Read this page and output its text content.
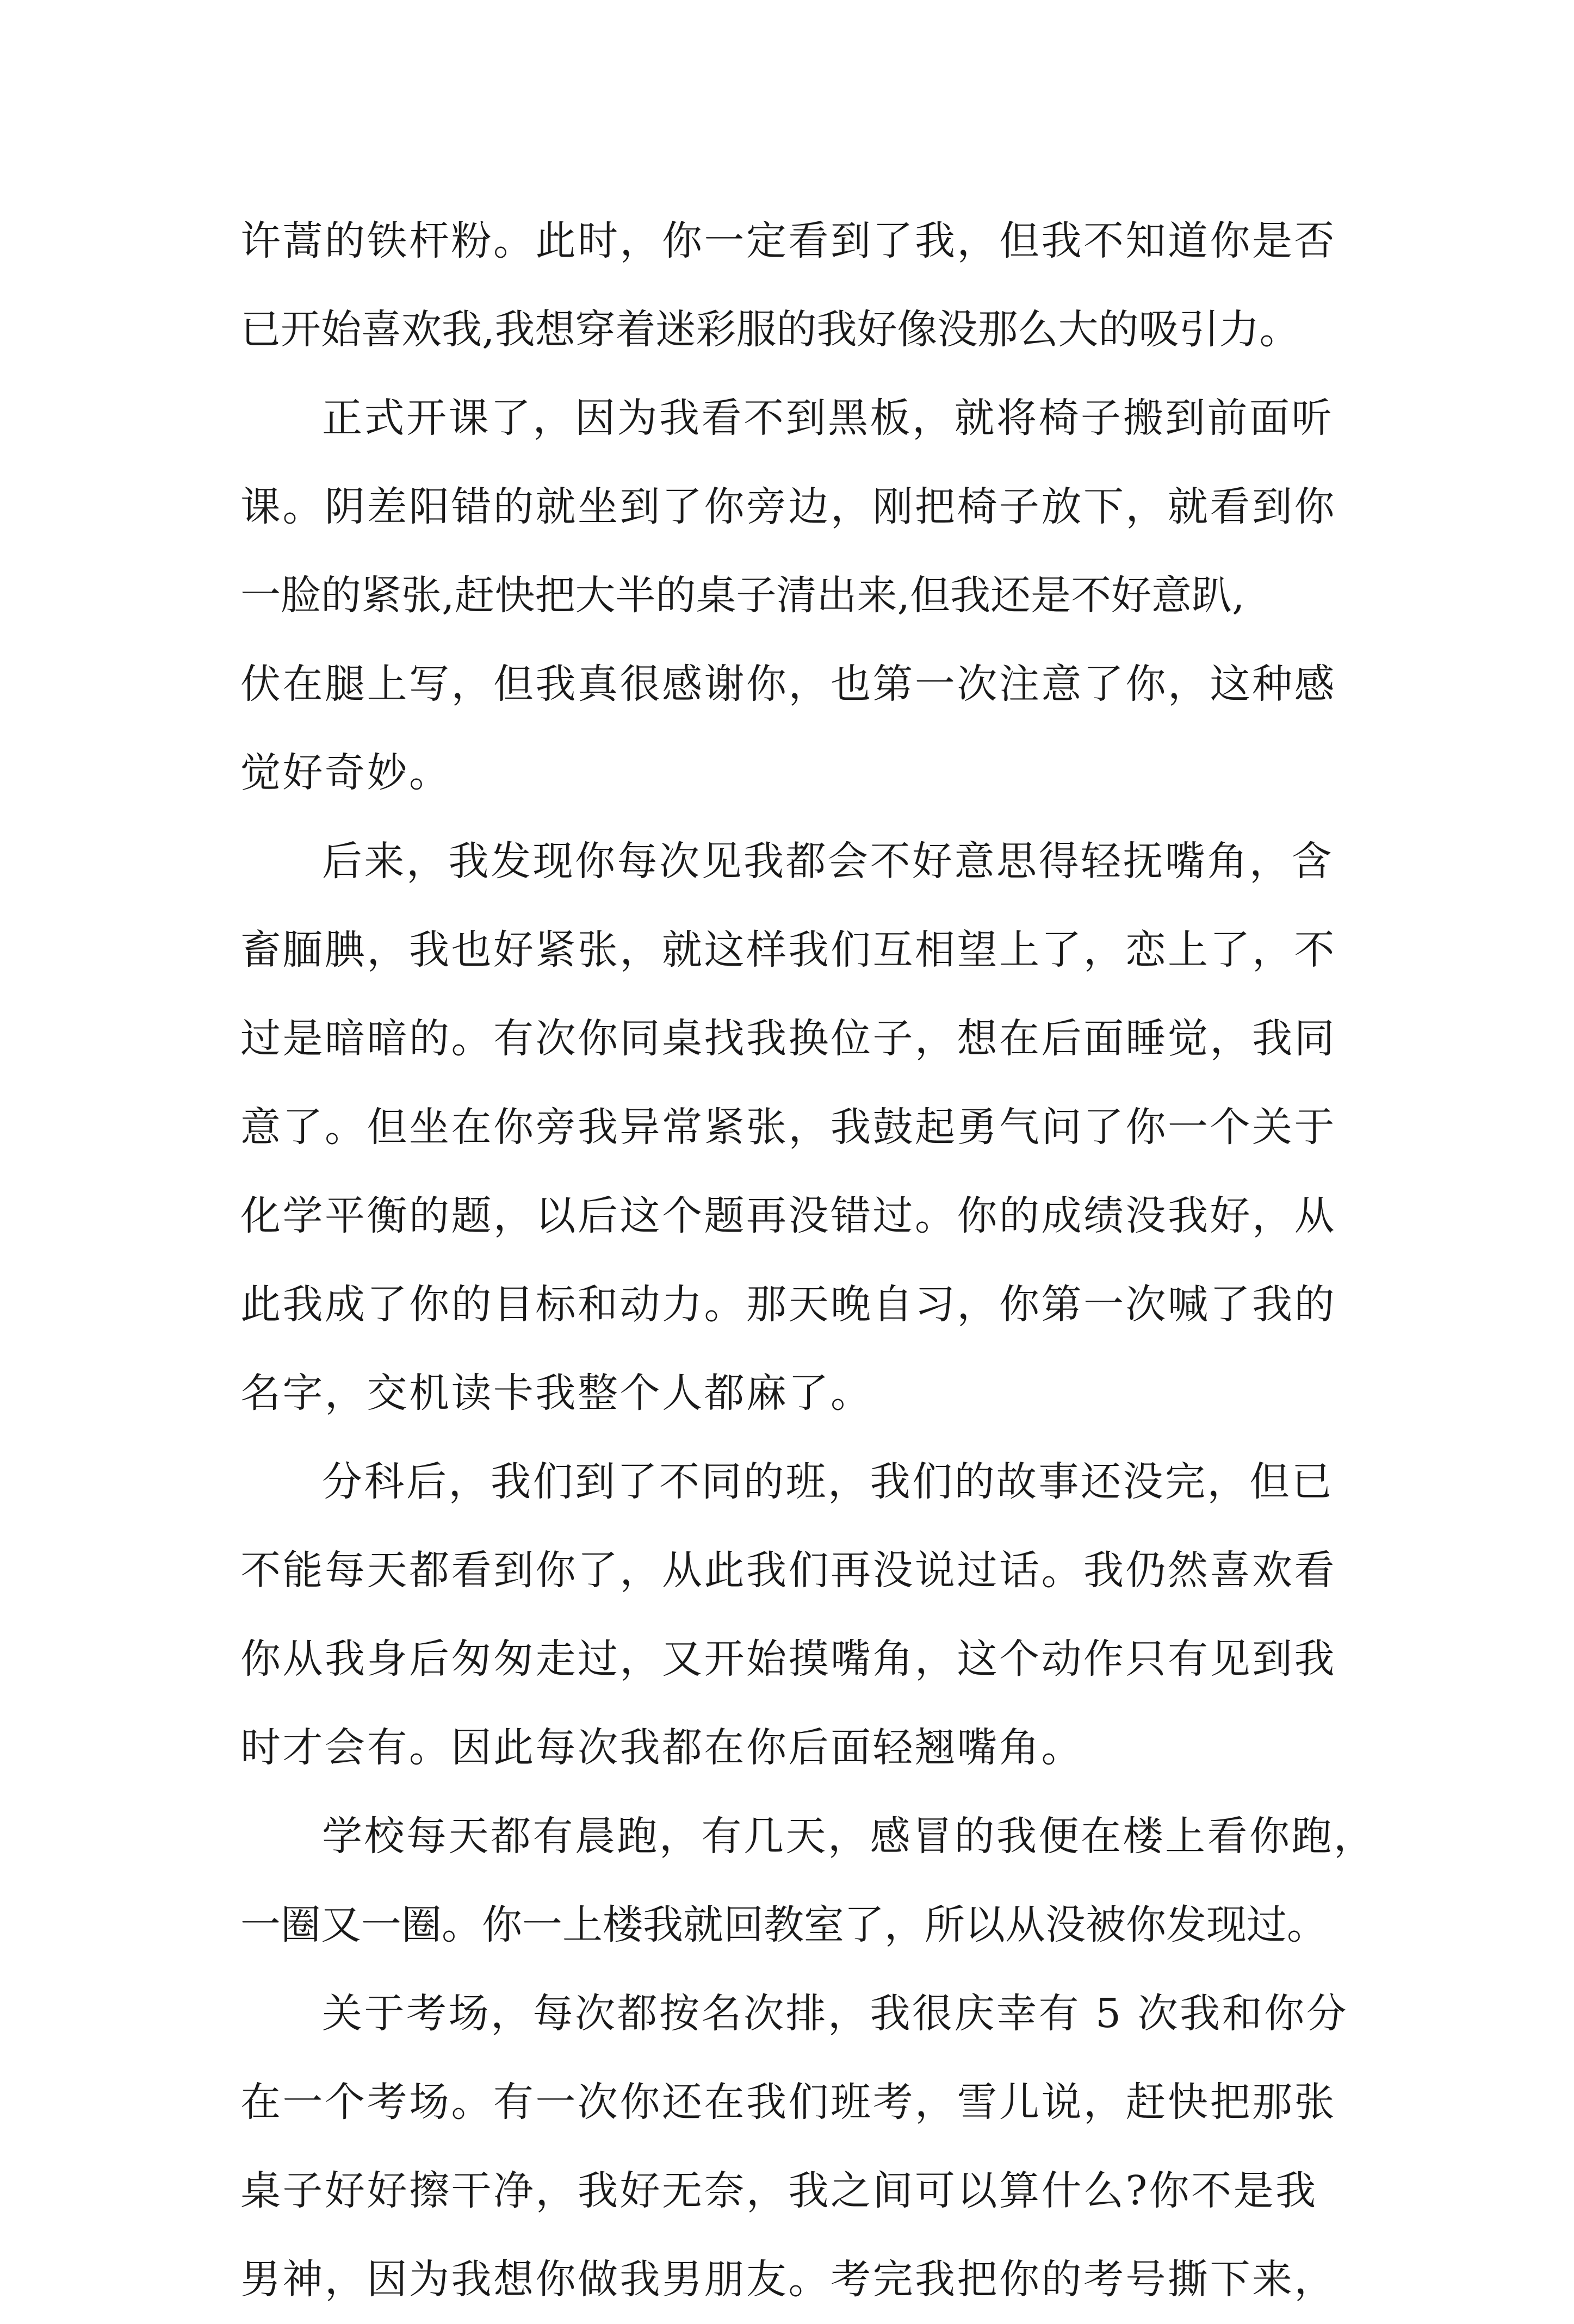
许蒿的铁杆粉。此时，你一定看到了我，但我不知道你是否
已开始喜欢我,我想穿着迷彩服的我好像没那么大的吸引力。
正式开课了，因为我看不到黑板，就将椅子搬到前面听
课。阴差阳错的就坐到了你旁边，刚把椅子放下，就看到你
一脸的紧张,赶快把大半的桌子清出来,但我还是不好意趴,
伏在腿上写，但我真很感谢你，也第一次注意了你，这种感
觉好奇妙。
后来，我发现你每次见我都会不好意思得轻抚嘴角，含
畜腼腆，我也好紧张，就这样我们互相望上了，恋上了，不
过是暗暗的。有次你同桌找我换位子，想在后面睡觉，我同
意了。但坐在你旁我异常紧张，我鼓起勇气问了你一个关于
化学平衡的题，以后这个题再没错过。你的成绩没我好，从
此我成了你的目标和动力。那天晚自习，你第一次喊了我的
名字，交机读卡我整个人都麻了。
分科后，我们到了不同的班，我们的故事还没完，但已
不能每天都看到你了，从此我们再没说过话。我仍然喜欢看
你从我身后匆匆走过，又开始摸嘴角，这个动作只有见到我
时才会有。因此每次我都在你后面轻翘嘴角。
学校每天都有晨跑，有几天，感冒的我便在楼上看你跑，
一圈又一圈。你一上楼我就回教室了，所以从没被你发现过。
关于考场，每次都按名次排，我很庆幸有 5 次我和你分
在一个考场。有一次你还在我们班考，雪儿说，赶快把那张
桌子好好擦干净，我好无奈，我之间可以算什么?你不是我
男神，因为我想你做我男朋友。考完我把你的考号撕下来，
